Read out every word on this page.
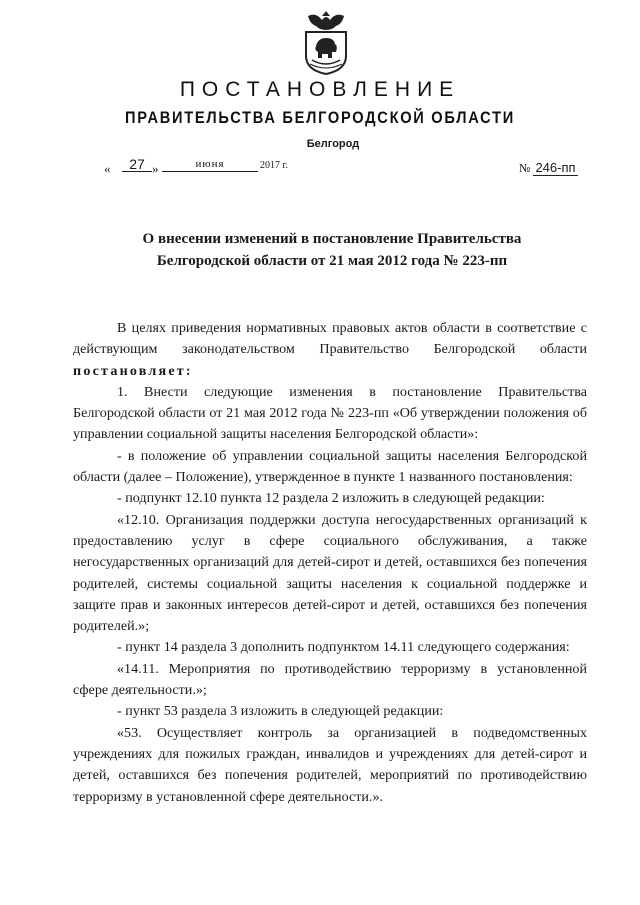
ПОСТАНОВЛЕНИЕ
ПРАВИТЕЛЬСТВА БЕЛГОРОДСКОЙ ОБЛАСТИ
Белгород
«	27 »	июня	2017 г.	№ 246-пп
О внесении изменений в постановление Правительства
Белгородской области от 21 мая 2012 года № 223-пп

В целях приведения нормативных правовых актов области в соответствие с действующим законодательством Правительство Белгородской области постановляет:

1. Внести следующие изменения в постановление Правительства Белгородской области от 21 мая 2012 года № 223-пп «Об утверждении положения об управлении социальной защиты населения Белгородской области»:

- в положение об управлении социальной защиты населения Белгородской области (далее – Положение), утвержденное в пункте 1 названного постановления:

- подпункт 12.10 пункта 12 раздела 2 изложить в следующей редакции:

«12.10. Организация поддержки доступа негосударственных организаций к предоставлению услуг в сфере социального обслуживания, а также негосударственных организаций для детей-сирот и детей, оставшихся без попечения родителей, системы социальной защиты населения к социальной поддержке и защите прав и законных интересов детей-сирот и детей, оставшихся без попечения родителей.»;

- пункт 14 раздела 3 дополнить подпунктом 14.11 следующего содержания:

«14.11. Мероприятия по противодействию терроризму в установленной сфере деятельности.»;

- пункт 53 раздела 3 изложить в следующей редакции:

«53. Осуществляет контроль за организацией в подведомственных учреждениях для пожилых граждан, инвалидов и учреждениях для детей-сирот и детей, оставшихся без попечения родителей, мероприятий по противодействию терроризму в установленной сфере деятельности.».
